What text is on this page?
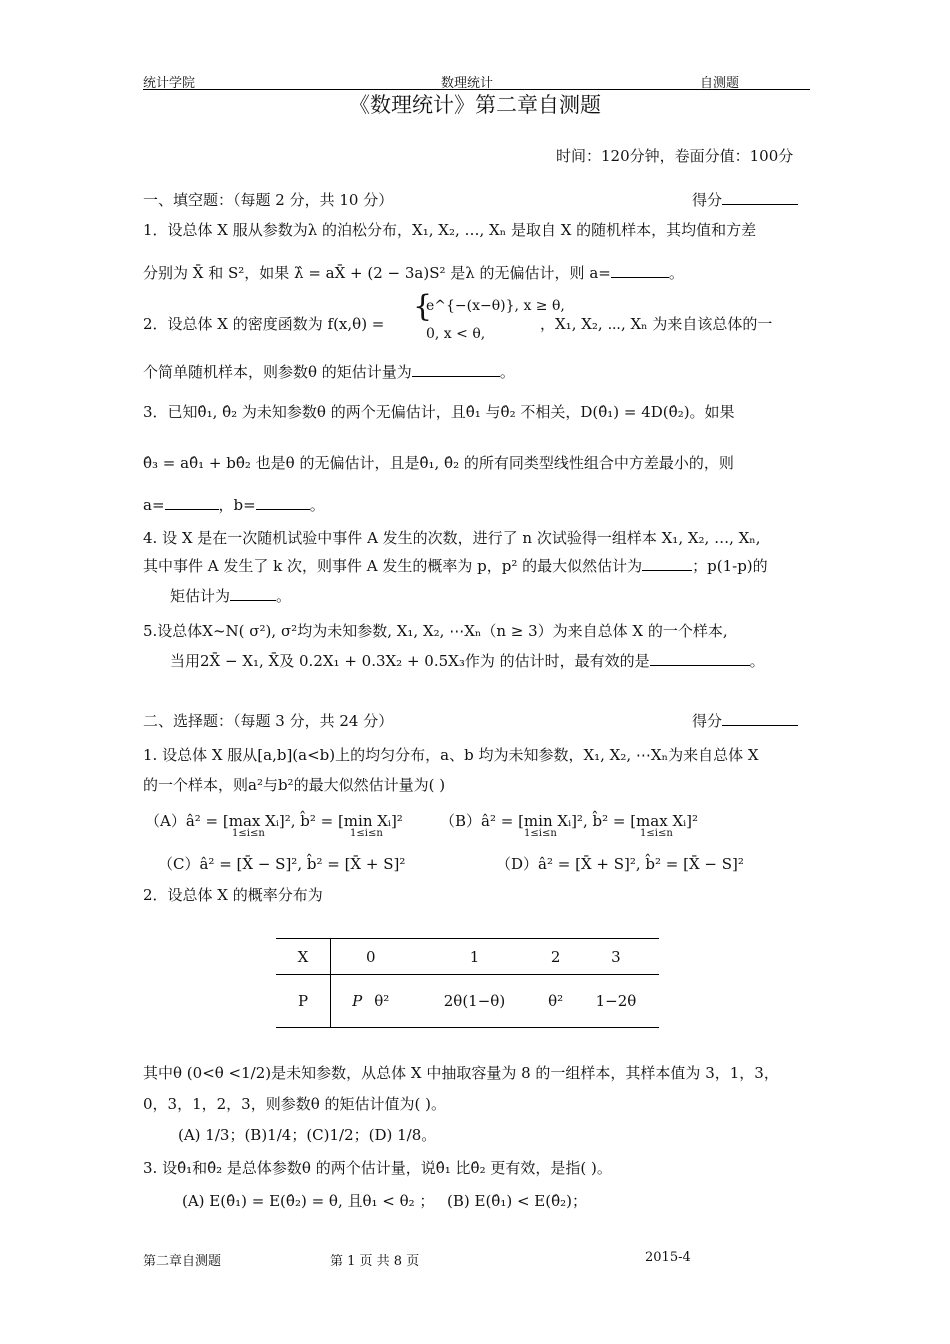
统计学院	数理统计	自测题
《数理统计》第二章自测题
时间：120分钟，卷面分值：100分
一、填空题：（每题 2 分，共 10 分）	得分
1．设总体 X 服从参数为λ 的泊松分布，X₁, X₂, …, Xₙ 是取自 X 的随机样本，其均值和方差
分别为 X̄ 和 S²，如果 λ̂ = aX̄ + (2 − 3a)S² 是λ 的无偏估计，则 a=	。
2．设总体 X 的密度函数为 f(x,θ) = {
e^{−(x−θ)}, x ≥ θ,
0, x < θ,
，X₁, X₂, ⋯, Xₙ 为来自该总体的一
个简单随机样本，则参数θ 的矩估计量为	。
3．已知θ̂₁, θ̂₂ 为未知参数θ 的两个无偏估计，且θ̂₁ 与θ̂₂ 不相关，D(θ̂₁) = 4D(θ̂₂)。如果
θ̂₃ = aθ̂₁ + bθ̂₂ 也是θ 的无偏估计，且是θ̂₁, θ̂₂ 的所有同类型线性组合中方差最小的，则
a=	，b=	。
4. 设 X 是在一次随机试验中事件 A 发生的次数，进行了 n 次试验得一组样本 X₁, X₂, …, Xₙ,
其中事件 A 发生了 k 次，则事件 A 发生的概率为 p，p² 的最大似然估计为	；p(1-p)的
矩估计为	。
5.设总体X~N( σ²), σ²均为未知参数, X₁, X₂, ⋯Xₙ（n ≥ 3）为来自总体 X 的一个样本,
当用2X̄ − X₁, X̄及 0.2X₁ + 0.3X₂ + 0.5X₃作为 的估计时，最有效的是	。
二、选择题：（每题 3 分，共 24 分）	得分
1. 设总体 X 服从[a,b](a<b)上的均匀分布，a、b 均为未知参数，X₁, X₂, ⋯Xₙ为来自总体 X
的一个样本，则a²与b²的最大似然估计量为( )
（A）â² = [max Xᵢ]², b̂² = [min Xᵢ]²
1≤i≤n	1≤i≤n
（B）â² = [min Xᵢ]², b̂² = [max Xᵢ]²
1≤i≤n	1≤i≤n
（C）â² = [X̄ − S]², b̂² = [X̄ + S]²	（D）â² = [X̄ + S]², b̂² = [X̄ − S]²
2．设总体 X 的概率分布为
X	0	1	2	3
P	P θ²	2θ(1−θ)	θ²	1−2θ
其中θ (0<θ <1/2)是未知参数，从总体 X 中抽取容量为 8 的一组样本，其样本值为 3，1，3，
0，3，1，2，3，则参数θ 的矩估计值为( )。
(A) 1/3；(B)1/4；(C)1/2；(D) 1/8。
3. 设θ̂₁和θ̂₂ 是总体参数θ 的两个估计量，说θ̂₁ 比θ̂₂ 更有效，是指( )。
(A) E(θ̂₁) = E(θ̂₂) = θ, 且θ₁ < θ₂ ； (B) E(θ̂₁) < E(θ̂₂)；
第二章自测题	第 1 页 共 8 页	2015-4
